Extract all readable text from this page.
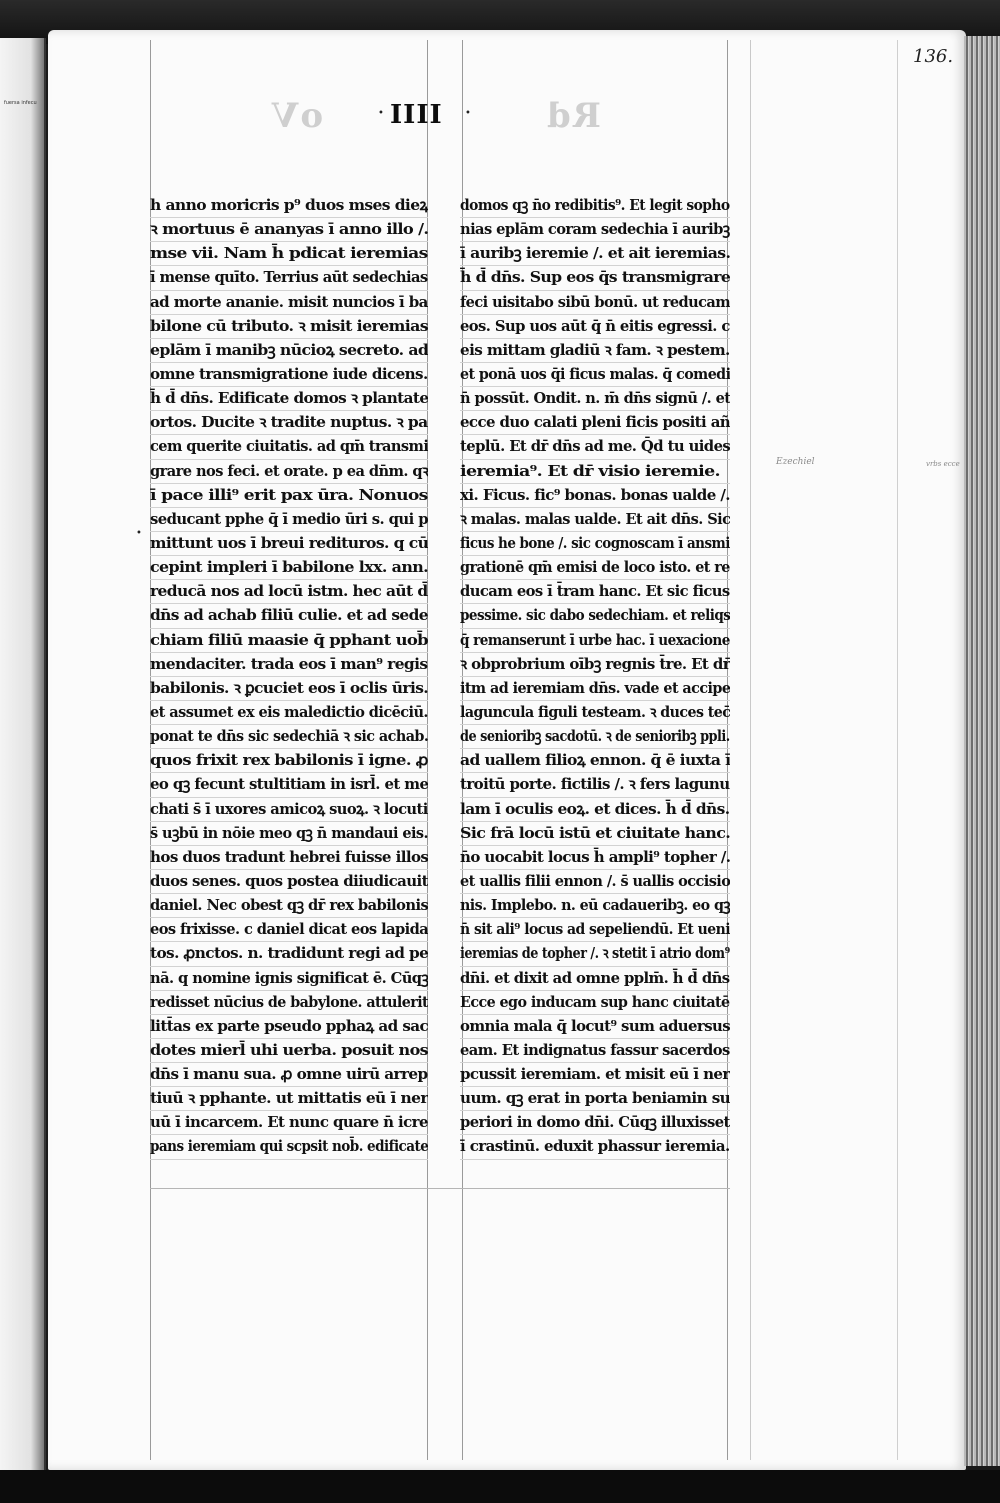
fuersa infecu
136.
oV	• IIII • Rd
h anno moricris p⁹ duos mses dieꝝ
ꝛ mortuus ē ananyas ī anno illo /.
mse vii. Nam h̄ pdicat ieremias
ī mense quīto. Terrius aūt sedechias
ad morte ananie. misit nuncios ī ba
bilone cū tributo. ꝛ misit ieremias
eplām ī manibꝫ nūcioꝝ secreto. ad
omne transmigratione iude dicens.
h̄ d̄ dn̄s. Edificate domos ꝛ plantate
ortos. Ducite ꝛ tradite nuptus. ꝛ pa
cem querite ciuitatis. ad qm̄ transmi
grare nos feci. et orate. p ea dn̄m. qꝛ
ī pace illi⁹ erit pax ūra. Nonuos
seducant pphe q̄ ī medio ūri s. qui p
mittunt uos ī breui redituros. q cū
cepint impleri ī babilone lxx. ann.
reducā nos ad locū istm. hec aūt d̄
dn̄s ad achab filiū culie. et ad sede
chiam filiū maasie q̄ pphant uob̄
mendaciter. trada eos ī man⁹ regis
babilonis. ꝛ ꝑcuciet eos ī oclis ūris.
et assumet ex eis maledictio dicēciū.
ponat te dn̄s sic sedechiā ꝛ sic achab.
quos frixit rex babilonis ī igne. ꝓ
eo qꝫ fecunt stultitiam in isrl̄. et me
chati s̄ ī uxores amicoꝝ suoꝝ. ꝛ locuti
s̄ uꝫbū in nōie meo qꝫ n̄ mandaui eis.
hos duos tradunt hebrei fuisse illos
duos senes. quos postea diiudicauit
daniel. Nec obest qꝫ dr̄ rex babilonis
eos frixisse. c daniel dicat eos lapida
tos. ꝓnctos. n. tradidunt regi ad pe
nā. q nomine ignis significat ē. Cūqꝫ
redisset nūcius de babylone. attulerit
litt̄as ex parte pseudo pphaꝝ ad sac
dotes mierl̄ uhi uerba. posuit nos
dn̄s ī manu sua. ꝓ omne uirū arrep
tiuū ꝛ pphante. ut mittatis eū ī ner
uū ī incarcem. Et nunc quare n̄ icre
pans ieremiam qui scpsit nob̄. edificate
domos qꝫ n̄o redibitis⁹. Et legit sopho
nias eplām coram sedechia ī auribꝫ
ī auribꝫ ieremie /. et ait ieremias.
h̄ d̄ dn̄s. Sup eos q̄s transmigrare
feci uisitabo sibū bonū. ut reducam
eos. Sup uos aūt q̄ n̄ eitis egressi. c
eis mittam gladiū ꝛ fam. ꝛ pestem.
et ponā uos q̄i ficus malas. q̄ comedi
n̄ possūt. Ondit. n. m̄ dn̄s signū /. et
ecce duo calati pleni ficis positi añ
teplū. Et dr̄ dn̄s ad me. Q̄d tu uides
ieremia⁹. Et dr̄ visio ieremie.
xi. Ficus. fic⁹ bonas. bonas ualde /.
ꝛ malas. malas ualde. Et ait dn̄s. Sic
ficus he bone /. sic cognoscam ī ansmi
grationē qm̄ emisi de loco isto. et re
ducam eos ī t̄ram hanc. Et sic ficus
pessime. sic dabo sedechiam. et reliqs
q̄ remanserunt ī urbe hac. ī uexacione
ꝛ obprobrium oībꝫ regnis t̄re. Et dr̄
itm ad ieremiam dn̄s. vade et accipe
laguncula figuli testeam. ꝛ duces tec̄
de senioribꝫ sacdotū. ꝛ de senioribꝫ ppli.
ad uallem filioꝝ ennon. q̄ ē iuxta ī
troitū porte. fictilis /. ꝛ fers lagunu
lam ī oculis eoꝝ. et dices. h̄ d̄ dn̄s.
Sic frā locū istū et ciuitate hanc.
n̄o uocabit locus h̄ ampli⁹ topher /.
et uallis filii ennon /. s̄ uallis occisio
nis. Implebo. n. eū cadaueribꝫ. eo qꝫ
n̄ sit ali⁹ locus ad sepeliendū. Et ueni
ieremias de topher /. ꝛ stetit ī atrio dom⁹
dn̄i. et dixit ad omne pplm̄. h̄ d̄ dn̄s
Ecce ego inducam sup hanc ciuitatē
omnia mala q̄ locut⁹ sum aduersus
eam. Et indignatus fassur sacerdos
pcussit ieremiam. et misit eū ī ner
uum. qꝫ erat in porta beniamin su
periori in domo dn̄i. Cūqꝫ illuxisset
ī crastinū. eduxit phassur ieremia.
Ezechiel	vrbs ecce
•
